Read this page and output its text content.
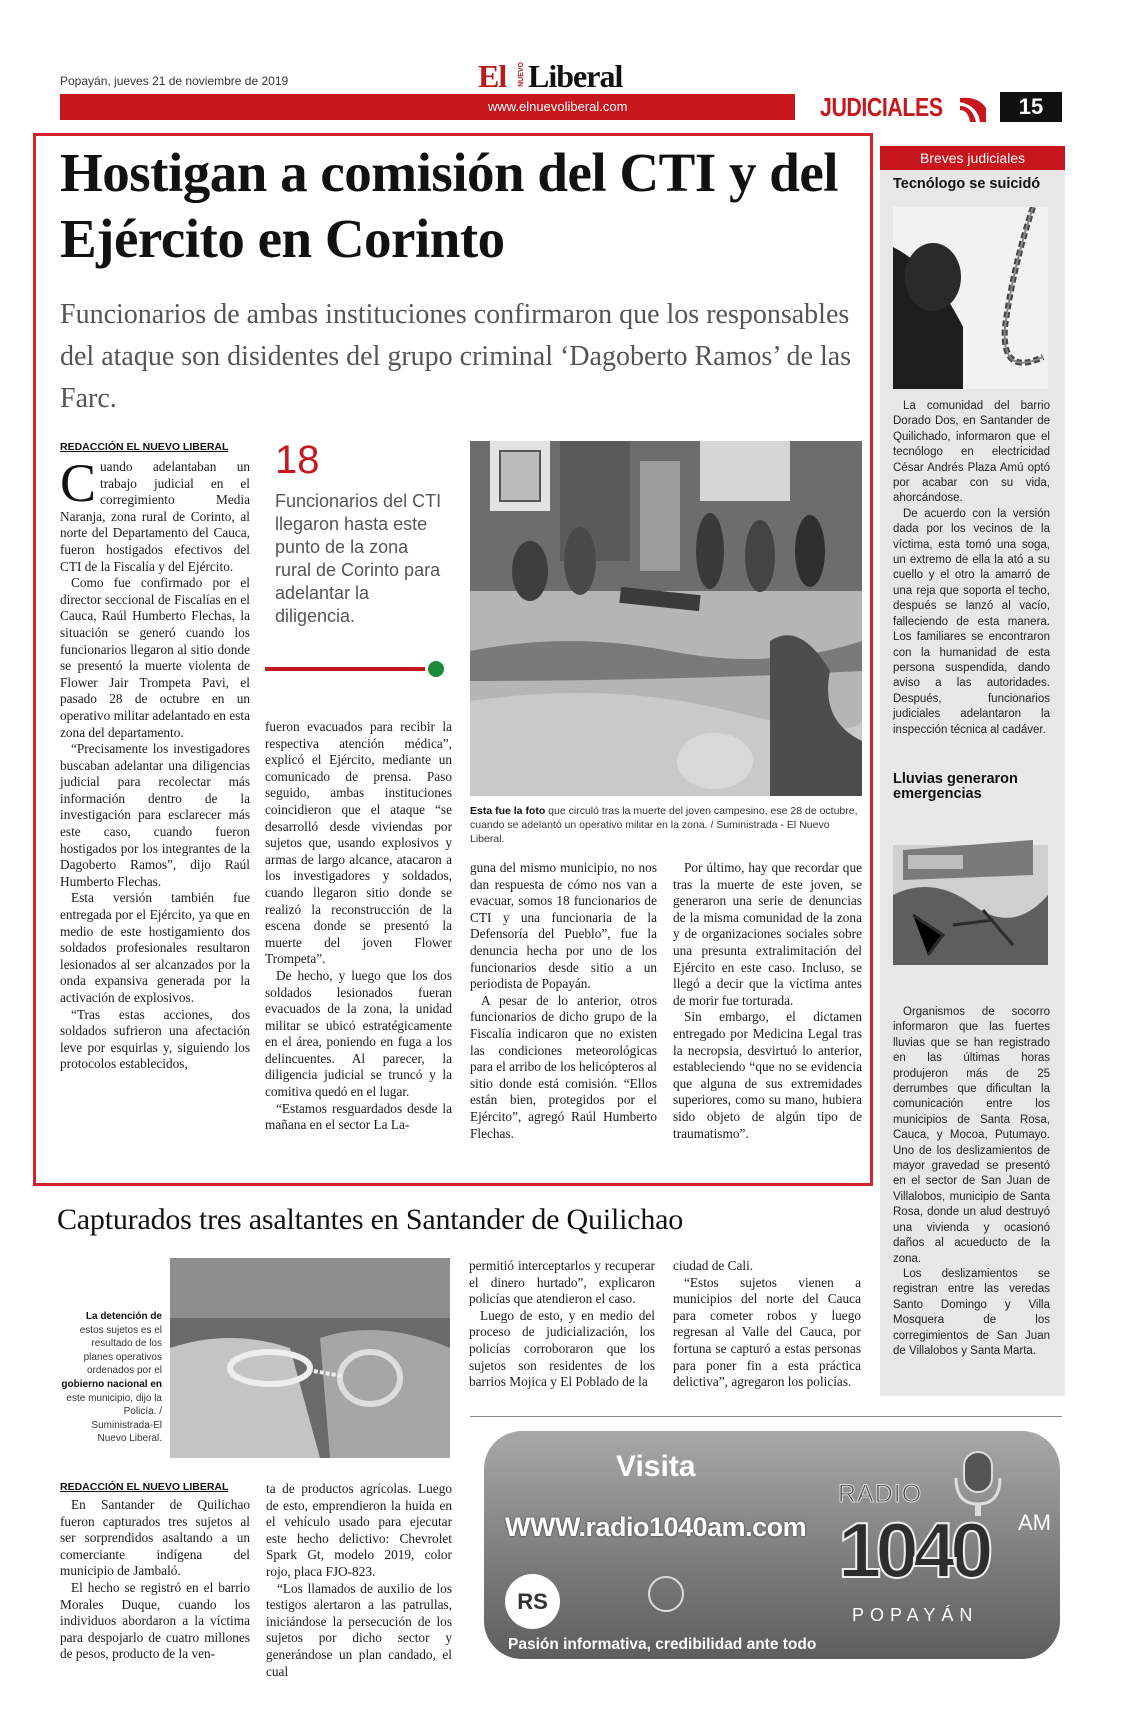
Popayán, jueves 21 de noviembre de 2019	El NUEVO Liberal
www.elnuevoliberal.com	JUDICIALES	15
Hostigan a comisión del CTI y del Ejército en Corinto
Funcionarios de ambas instituciones confirmaron que los responsables del ataque son disidentes del grupo criminal ‘Dagoberto Ramos’ de las Farc.
REDACCIÓN EL NUEVO LIBERAL

Cuando adelantaban un trabajo judicial en el corregimiento Media Naranja, zona rural de Corinto, al norte del Departamento del Cauca, fueron hostigados efectivos del CTI de la Fiscalía y del Ejército.

Como fue confirmado por el director seccional de Fiscalías en el Cauca, Raúl Humberto Flechas, la situación se generó cuando los funcionarios llegaron al sitio donde se presentó la muerte violenta de Flower Jair Trompeta Pavi, el pasado 28 de octubre en un operativo militar adelantado en esta zona del departamento.

“Precisamente los investigadores buscaban adelantar una diligencias judicial para recolectar más información dentro de la investigación para esclarecer más este caso, cuando fueron hostigados por los integrantes de la Dagoberto Ramos”, dijo Raúl Humberto Flechas.

Esta versión también fue entregada por el Ejército, ya que en medio de este hostigamiento dos soldados profesionales resultaron lesionados al ser alcanzados por la onda expansiva generada por la activación de explosivos.

“Tras estas acciones, dos soldados sufrieron una afectación leve por esquirlas y, siguiendo los protocolos establecidos,

18
Funcionarios del CTI llegaron hasta este punto de la zona rural de Corinto para adelantar la diligencia.

fueron evacuados para recibir la respectiva atención médica”, explicó el Ejército, mediante un comunicado de prensa. Paso seguido, ambas instituciones coincidieron que el ataque “se desarrolló desde viviendas por sujetos que, usando explosivos y armas de largo alcance, atacaron a los investigadores y soldados, cuando llegaron sitio donde se realizó la reconstrucción de la escena donde se presentó la muerte del joven Flower Trompeta”.

De hecho, y luego que los dos soldados lesionados fueran evacuados de la zona, la unidad militar se ubicó estratégicamente en el área, poniendo en fuga a los delincuentes. Al parecer, la diligencia judicial se truncó y la comitiva quedó en el lugar.

“Estamos resguardados desde la mañana en el sector La La-

Esta fue la foto que circuló tras la muerte del joven campesino, ese 28 de octubre, cuando se adelantó un operativo militar en la zona. / Suministrada - El Nuevo Liberal.

guna del mismo municipio, no nos dan respuesta de cómo nos van a evacuar, somos 18 funcionarios de CTI y una funcionaria de la Defensoría del Pueblo”, fue la denuncia hecha por uno de los funcionarios desde sitio a un periodista de Popayán.

A pesar de lo anterior, otros funcionarios de dicho grupo de la Fiscalía indicaron que no existen las condiciones meteorológicas para el arribo de los helicópteros al sitio donde está comisión. “Ellos están bien, protegidos por el Ejército”, agregó Raúl Humberto Flechas.

Por último, hay que recordar que tras la muerte de este joven, se generaron una serie de denuncias de la misma comunidad de la zona y de organizaciones sociales sobre una presunta extralimitación del Ejército en este caso. Incluso, se llegó a decir que la víctima antes de morir fue torturada.

Sin embargo, el dictamen entregado por Medicina Legal tras la necropsia, desvirtuó lo anterior, estableciendo “que no se evidencia que alguna de sus extremidades superiores, como su mano, hubiera sido objeto de algún tipo de traumatismo”.

Breves judiciales
Tecnólogo se suicidó

La comunidad del barrio Dorado Dos, en Santander de Quilichado, informaron que el tecnólogo en electricidad César Andrés Plaza Amú optó por acabar con su vida, ahorcándose.

De acuerdo con la versión dada por los vecinos de la víctima, esta tomó una soga, un extremo de ella la ató a su cuello y el otro la amarró de una reja que soporta el techo, después se lanzó al vacío, falleciendo de esta manera. Los familiares se encontraron con la humanidad de esta persona suspendida, dando aviso a las autoridades. Después, funcionarios judiciales adelantaron la inspección técnica al cadáver.

Lluvias generaron emergencias

Organismos de socorro informaron que las fuertes lluvias que se han registrado en las últimas horas produjeron más de 25 derrumbes que dificultan la comunicación entre los municipios de Santa Rosa, Cauca, y Mocoa, Putumayo. Uno de los deslizamientos de mayor gravedad se presentó en el sector de San Juan de Villalobos, municipio de Santa Rosa, donde un alud destruyó una vivienda y ocasionó daños al acueducto de la zona.

Los deslizamientos se registran entre las veredas Santo Domingo y Villa Mosquera de los corregimientos de San Juan de Villalobos y Santa Marta.

Capturados tres asaltantes en Santander de Quilichao
La detención de estos sujetos es el resultado de los planes operativos ordenados por el gobierno nacional en este municipio, dijo la Policía. / Suministrada-El Nuevo Liberal.
REDACCIÓN EL NUEVO LIBERAL

En Santander de Quilichao fueron capturados tres sujetos al ser sorprendidos asaltando a un comerciante indígena del municipio de Jambaló.

El hecho se registró en el barrio Morales Duque, cuando los individuos abordaron a la víctima para despojarlo de cuatro millones de pesos, producto de la ven-

ta de productos agrícolas. Luego de esto, emprendieron la huida en el vehículo usado para ejecutar este hecho delictivo: Chevrolet Spark Gt, modelo 2019, color rojo, placa FJO-823.

“Los llamados de auxilio de los testigos alertaron a las patrullas, iniciándose la persecución de los sujetos por dicho sector y generándose un plan candado, el cual

permitió interceptarlos y recuperar el dinero hurtado”, explicaron policías que atendieron el caso.

Luego de esto, y en medio del proceso de judicialización, los policías corroboraron que los sujetos son residentes de los barrios Mojica y El Poblado de la

ciudad de Cali.

“Estos sujetos vienen a municipios del norte del Cauca para cometer robos y luego regresan al Valle del Cauca, por fortuna se capturó a estas personas para poner fin a esta práctica delictiva”, agregaron los policías.

Visita
WWW.radio1040am.com
RADIO
1040 AM
POPAYÁN
RS
Pasión informativa, credibilidad ante todo
